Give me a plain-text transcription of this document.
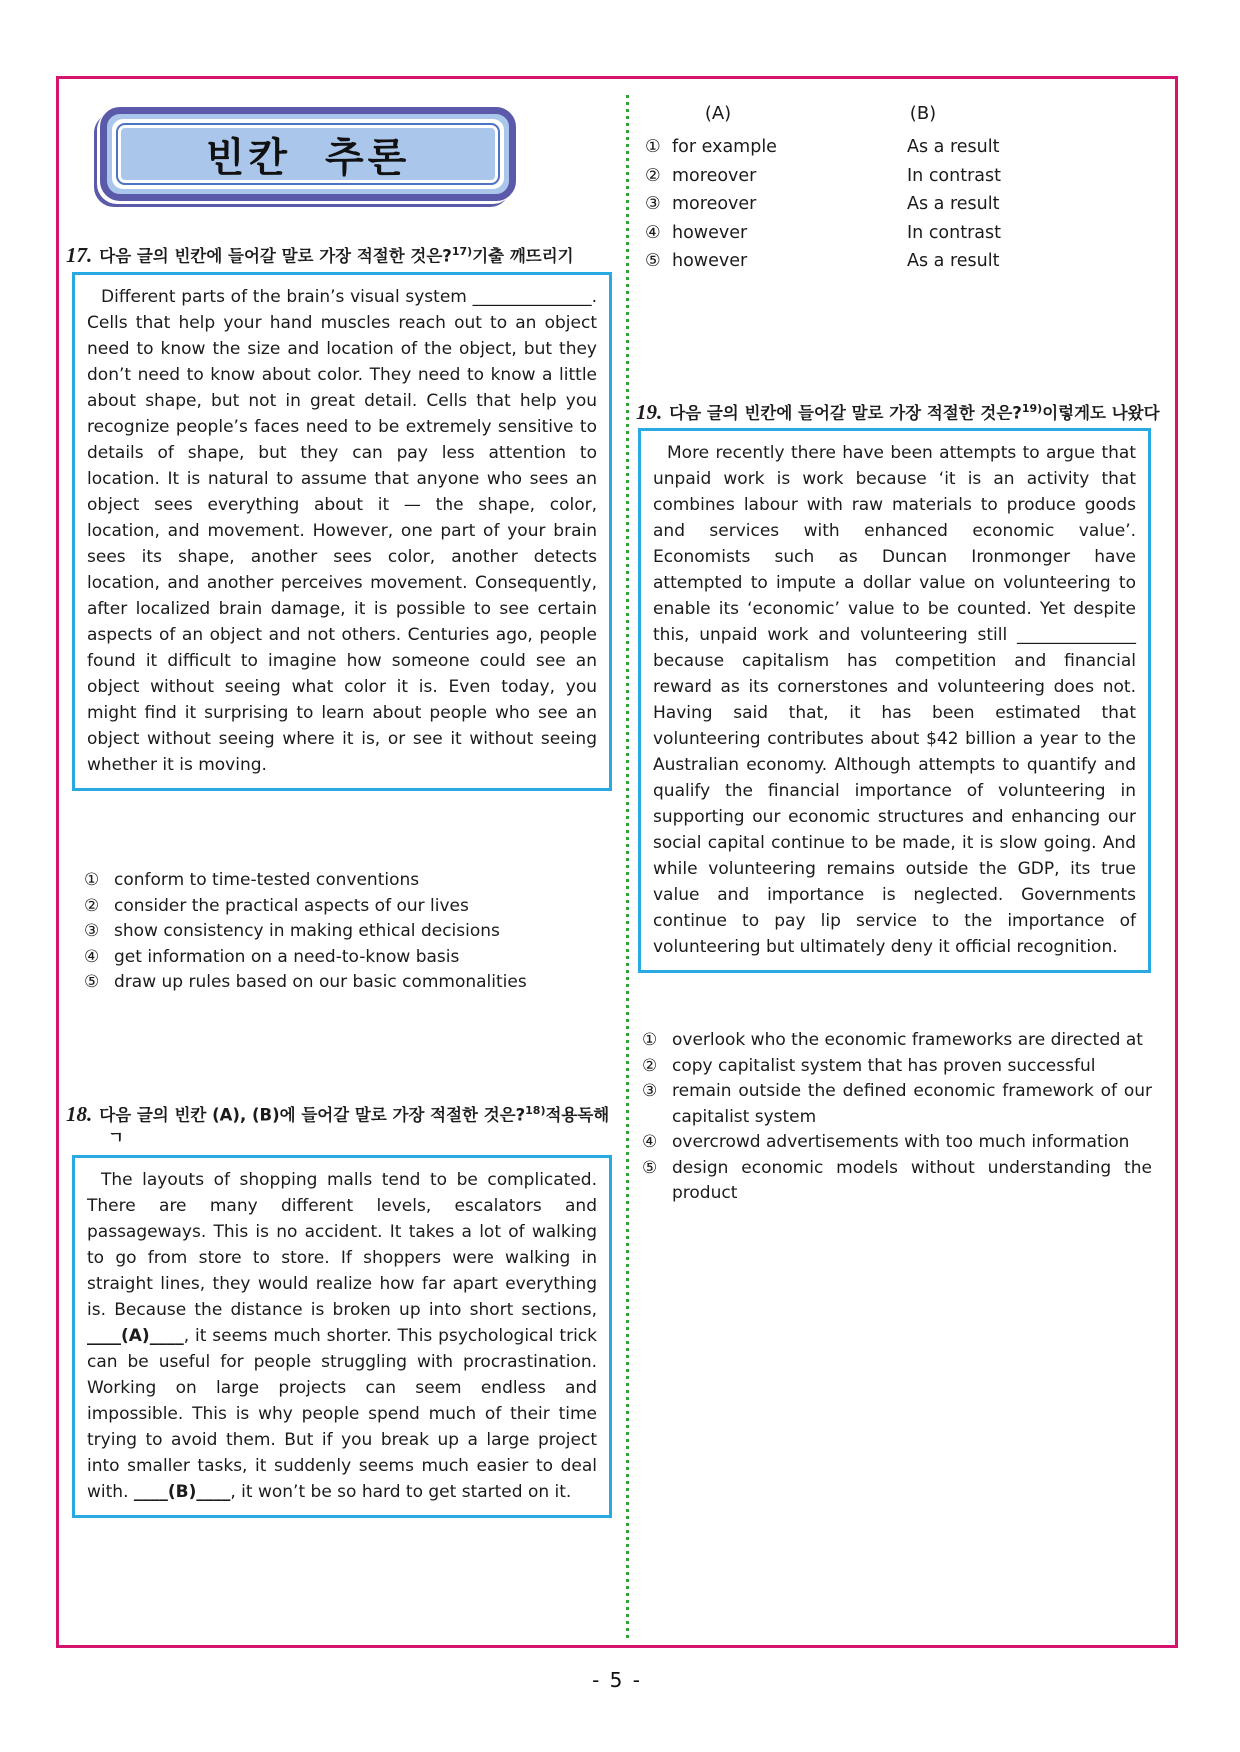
빈칸 추론
17. 다음 글의 빈칸에 들어갈 말로 가장 적절한 것은?$^{17)}$기출 깨뜨리기
Different parts of the brain’s visual system ______________. Cells that help your hand muscles reach out to an object need to know the size and location of the object, but they don’t need to know about color. They need to know a little about shape, but not in great detail. Cells that help you recognize people’s faces need to be extremely sensitive to details of shape, but they can pay less attention to location. It is natural to assume that anyone who sees an object sees everything about it — the shape, color, location, and movement. However, one part of your brain sees its shape, another sees color, another detects location, and another perceives movement. Consequently, after localized brain damage, it is possible to see certain aspects of an object and not others. Centuries ago, people found it difficult to imagine how someone could see an object without seeing what color it is. Even today, you might find it surprising to learn about people who see an object without seeing where it is, or see it without seeing whether it is moving.
① conform to time-tested conventions
② consider the practical aspects of our lives
③ show consistency in making ethical decisions
④ get information on a need-to-know basis
⑤ draw up rules based on our basic commonalities
18. 다음 글의 빈칸 (A), (B)에 들어갈 말로 가장 적절한 것은?$^{18)}$적용독해
ㄱ
The layouts of shopping malls tend to be complicated. There are many different levels, escalators and passageways. This is no accident. It takes a lot of walking to go from store to store. If shoppers were walking in straight lines, they would realize how far apart everything is. Because the distance is broken up into short sections, ____(A)____, it seems much shorter. This psychological trick can be useful for people struggling with procrastination. Working on large projects can seem endless and impossible. This is why people spend much of their time trying to avoid them. But if you break up a large project into smaller tasks, it suddenly seems much easier to deal with. ____(B)____, it won’t be so hard to get started on it.
(A)	(B)
① for example	As a result
② moreover	In contrast
③ moreover	As a result
④ however	In contrast
⑤ however	As a result
19. 다음 글의 빈칸에 들어갈 말로 가장 적절한 것은?$^{19)}$이렇게도 나왔다
More recently there have been attempts to argue that unpaid work is work because ‘it is an activity that combines labour with raw materials to produce goods and services with enhanced economic value’. Economists such as Duncan Ironmonger have attempted to impute a dollar value on volunteering to enable its ‘economic’ value to be counted. Yet despite this, unpaid work and volunteering still ______________ because capitalism has competition and financial reward as its cornerstones and volunteering does not. Having said that, it has been estimated that volunteering contributes about $42 billion a year to the Australian economy. Although attempts to quantify and qualify the financial importance of volunteering in supporting our economic structures and enhancing our social capital continue to be made, it is slow going. And while volunteering remains outside the GDP, its true value and importance is neglected. Governments continue to pay lip service to the importance of volunteering but ultimately deny it official recognition.
① overlook who the economic frameworks are directed at
② copy capitalist system that has proven successful
③ remain outside the defined economic framework of our capitalist system
④ overcrowd advertisements with too much information
⑤ design economic models without understanding the product
- 5 -
